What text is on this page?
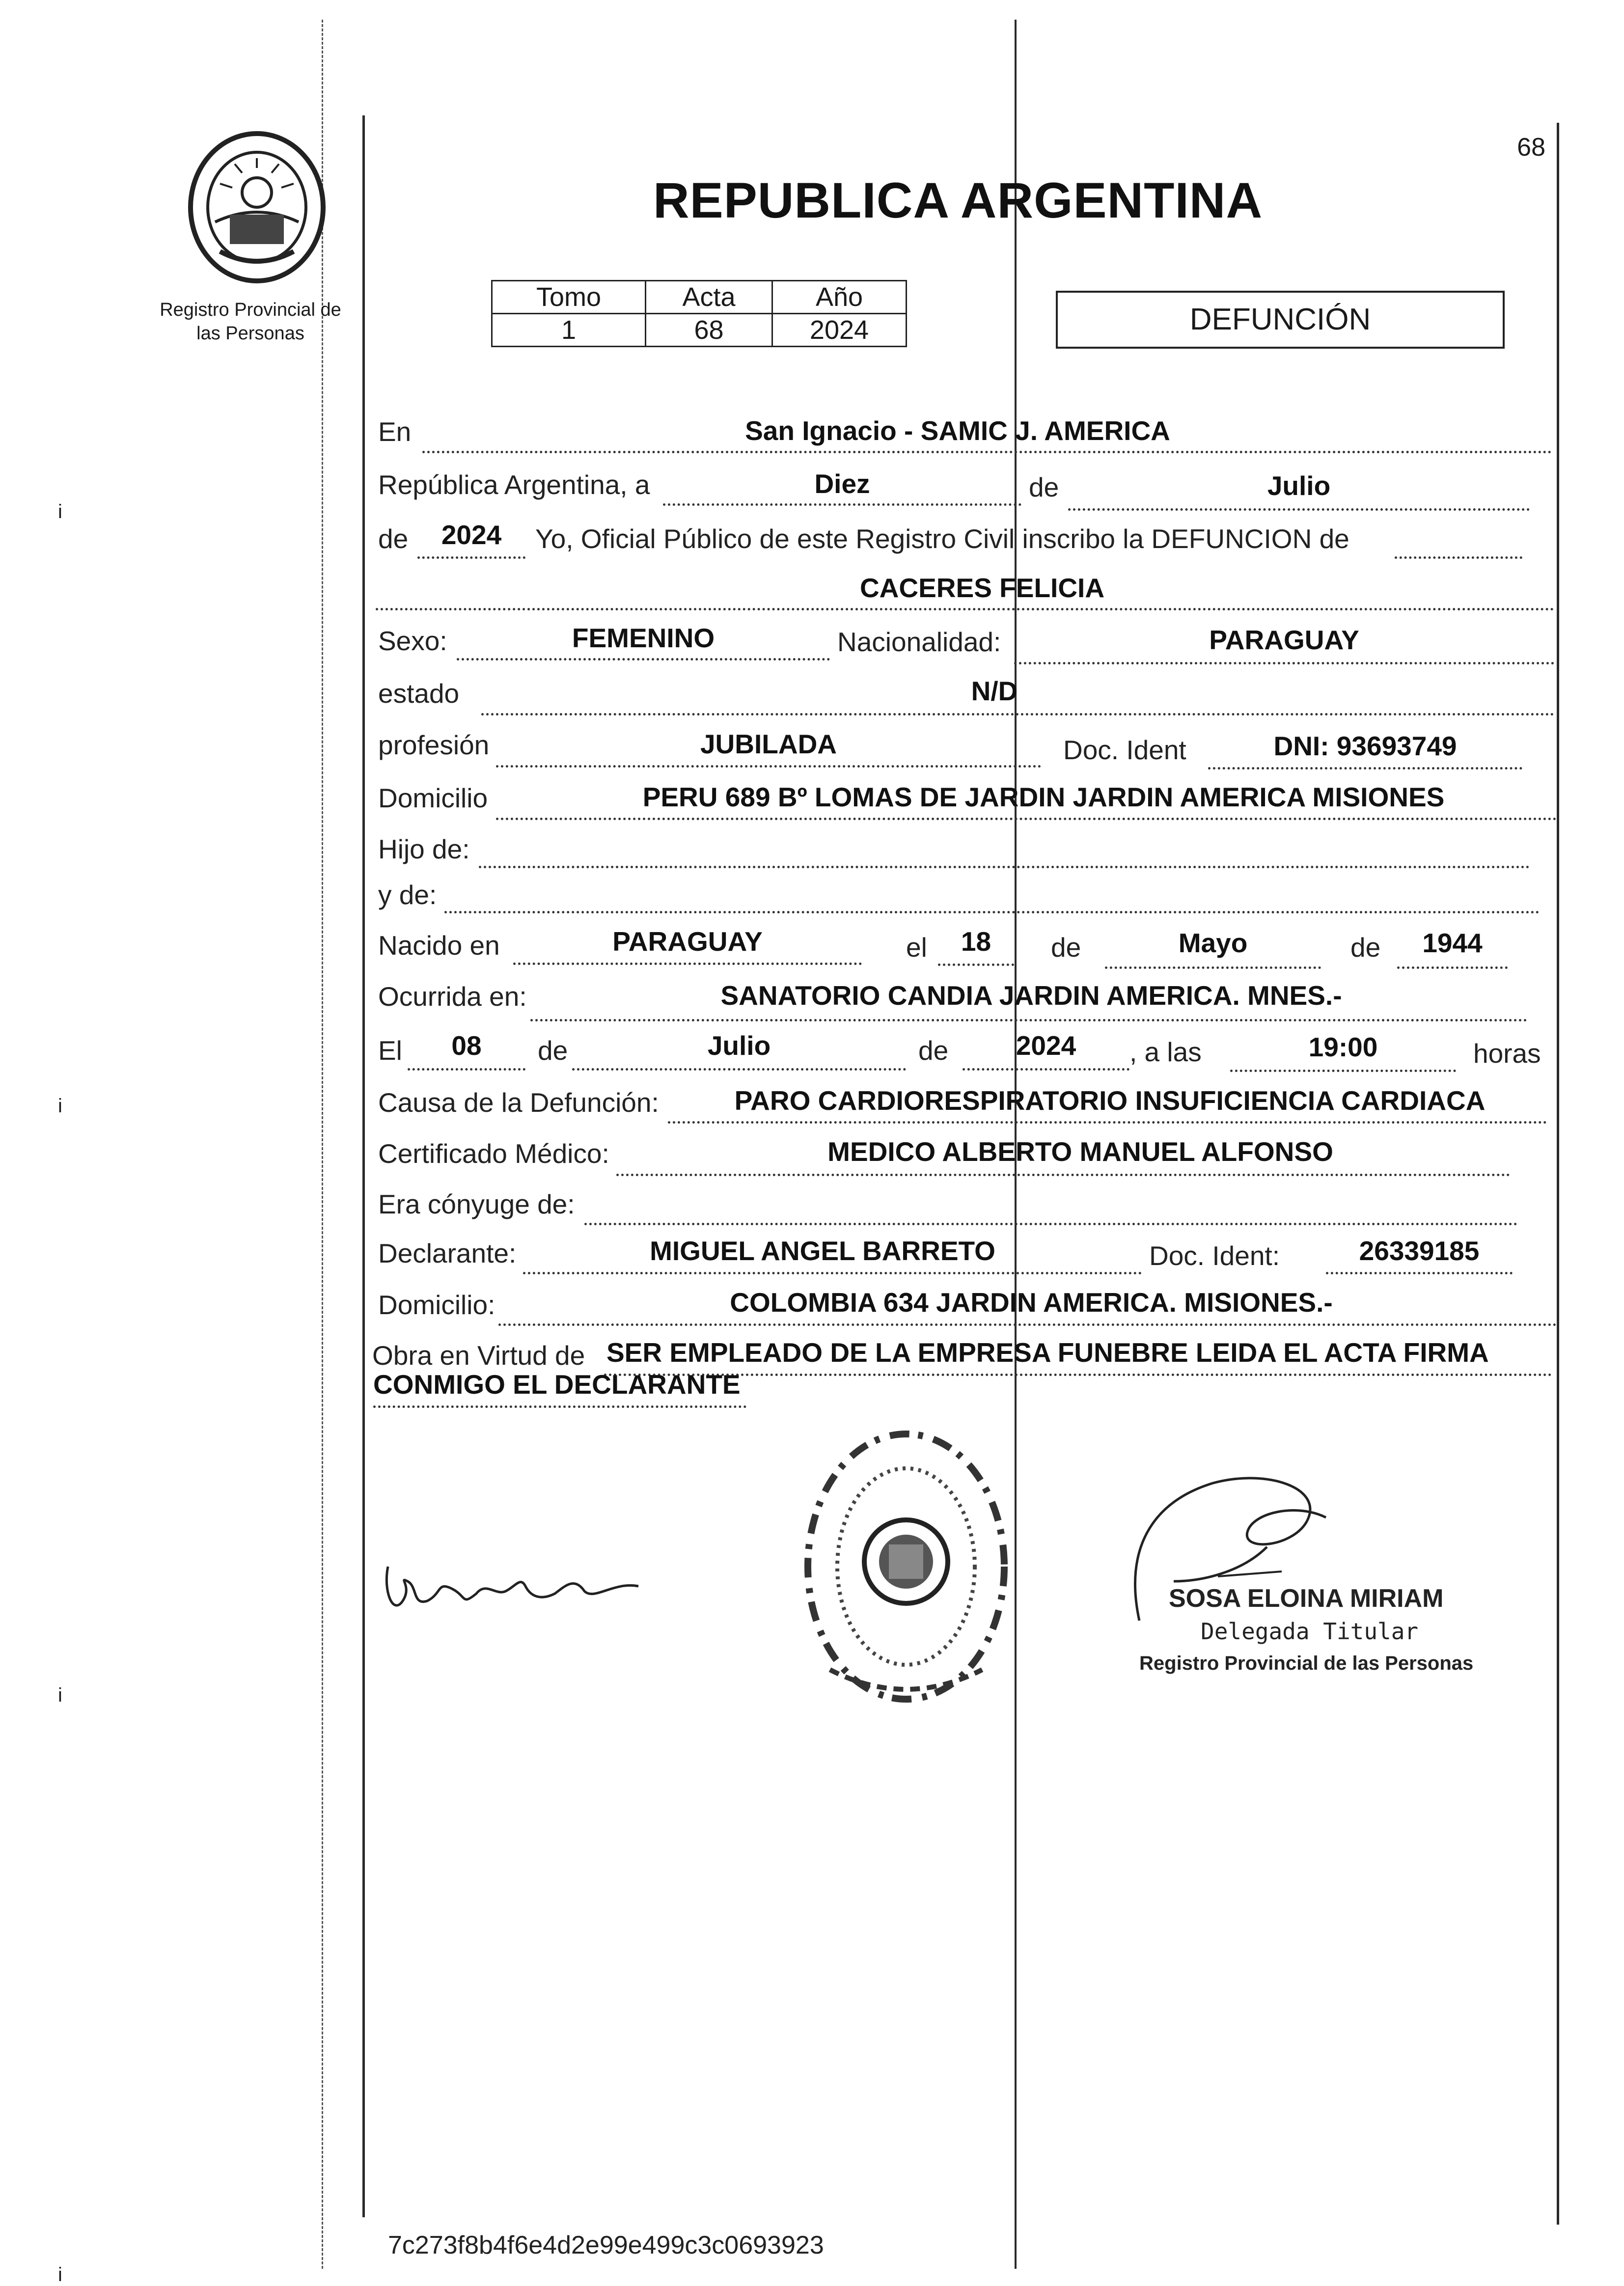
i
i
i
i
68
Registro Provincial de las Personas
REPUBLICA ARGENTINA
Tomo	Acta	Año
1	68	2024	DEFUNCIÓN
En	San Ignacio - SAMIC J. AMERICA
República Argentina, a	Diez	de	Julio
de	2024	Yo, Oficial Público de este Registro Civil inscribo la DEFUNCION de
CACERES FELICIA
Sexo:	FEMENINO	Nacionalidad:	PARAGUAY
estado	N/D
profesión	JUBILADA	Doc. Ident	DNI: 93693749
Domicilio	PERU 689 Bº LOMAS DE JARDIN JARDIN AMERICA MISIONES
Hijo de:
y de:
Nacido en	PARAGUAY	el	18	de	Mayo	de	1944
Ocurrida en:	SANATORIO CANDIA JARDIN AMERICA. MNES.-
El	08	de	Julio	de	2024	, a las	19:00	horas
Causa de la Defunción:	PARO CARDIORESPIRATORIO INSUFICIENCIA CARDIACA
Certificado Médico:	MEDICO ALBERTO MANUEL ALFONSO
Era cónyuge de:
Declarante:	MIGUEL ANGEL BARRETO	Doc. Ident:	26339185
Domicilio:	COLOMBIA 634 JARDIN AMERICA. MISIONES.-
Obra en Virtud de SER EMPLEADO DE LA EMPRESA FUNEBRE LEIDA EL ACTA FIRMA
CONMIGO EL DECLARANTE
SOSA ELOINA MIRIAM
Delegada Titular
Registro Provincial de las Personas
7c273f8b4f6e4d2e99e499c3c0693923
